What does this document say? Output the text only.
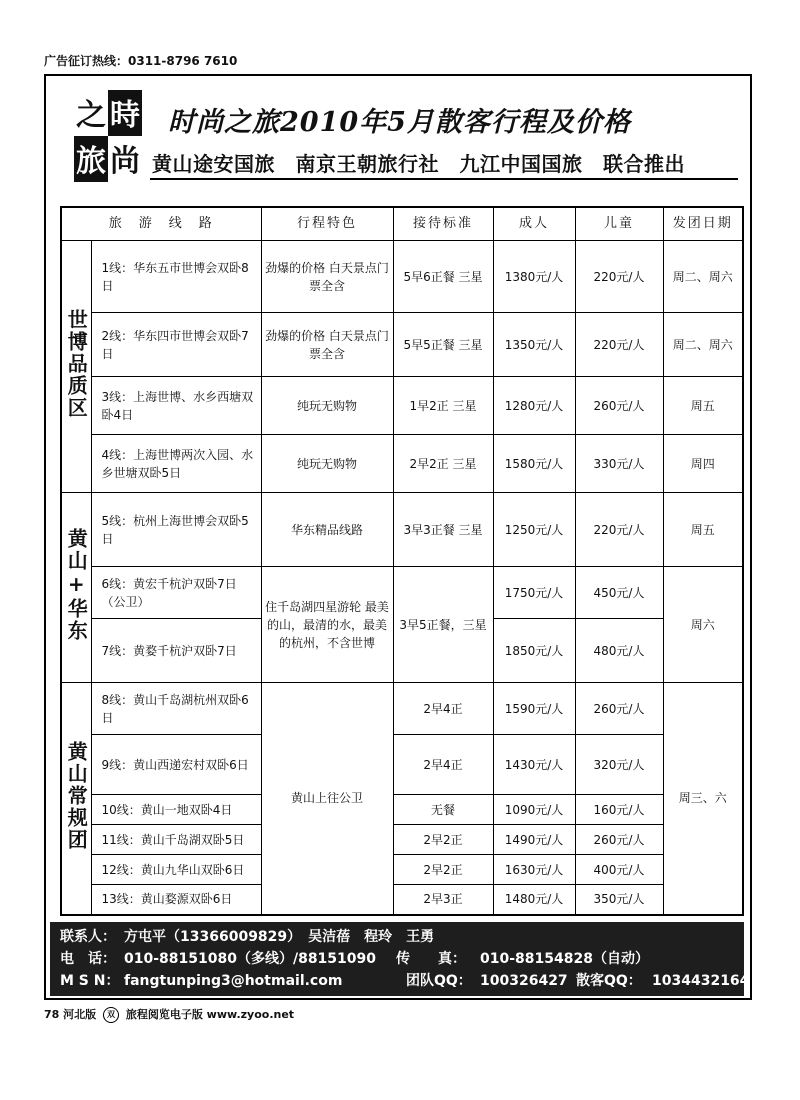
广告征订热线：0311-8796 7610
之 時
旅 尚
时尚之旅2010年5月散客行程及价格
黄山途安国旅　南京王朝旅行社　九江中国国旅　联合推出
旅　游　线　路		行程特色	接待标准	成人	儿童	发团日期
世博品质区	1线：华东五市世博会双卧8日	劲爆的价格 白天景点门票全含	5早6正餐 三星	1380元/人	220元/人	周二、周六
	2线：华东四市世博会双卧7日	劲爆的价格 白天景点门票全含	5早5正餐 三星	1350元/人	220元/人	周二、周六
	3线：上海世博、水乡西塘双卧4日	纯玩无购物	1早2正 三星	1280元/人	260元/人	周五
	4线：上海世博两次入园、水乡世塘双卧5日	纯玩无购物	2早2正 三星	1580元/人	330元/人	周四
黄山+华东	5线：杭州上海世博会双卧5日	华东精品线路	3早3正餐 三星	1250元/人	220元/人	周五
	6线：黄宏千杭沪双卧7日（公卫）	住千岛湖四星游轮 最美的山，最清的水，最美的杭州，不含世博	3早5正餐，三星	1750元/人	450元/人	周六
	7线：黄婺千杭沪双卧7日			1850元/人	480元/人	
黄山常规团	8线：黄山千岛湖杭州双卧6日	黄山上往公卫	2早4正	1590元/人	260元/人	周三、六
	9线：黄山西递宏村双卧6日		2早4正	1430元/人	320元/人	
	10线：黄山一地双卧4日		无餐	1090元/人	160元/人	
	11线：黄山千岛湖双卧5日		2早2正	1490元/人	260元/人	
	12线：黄山九华山双卧6日		2早2正	1630元/人	400元/人	
	13线：黄山婺源双卧6日		2早3正	1480元/人	350元/人	
联系人： 方屯平（13366009829）　吴洁蓓　程玲　王勇
电　话： 010-88151080（多线）/88151090 传　　真： 010-88154828（自动）
M S N： fangtunping3@hotmail.com	团队QQ： 100326427 散客QQ： 1034432164
78 河北版 双 旅程阅览电子版 www.zyoo.net
